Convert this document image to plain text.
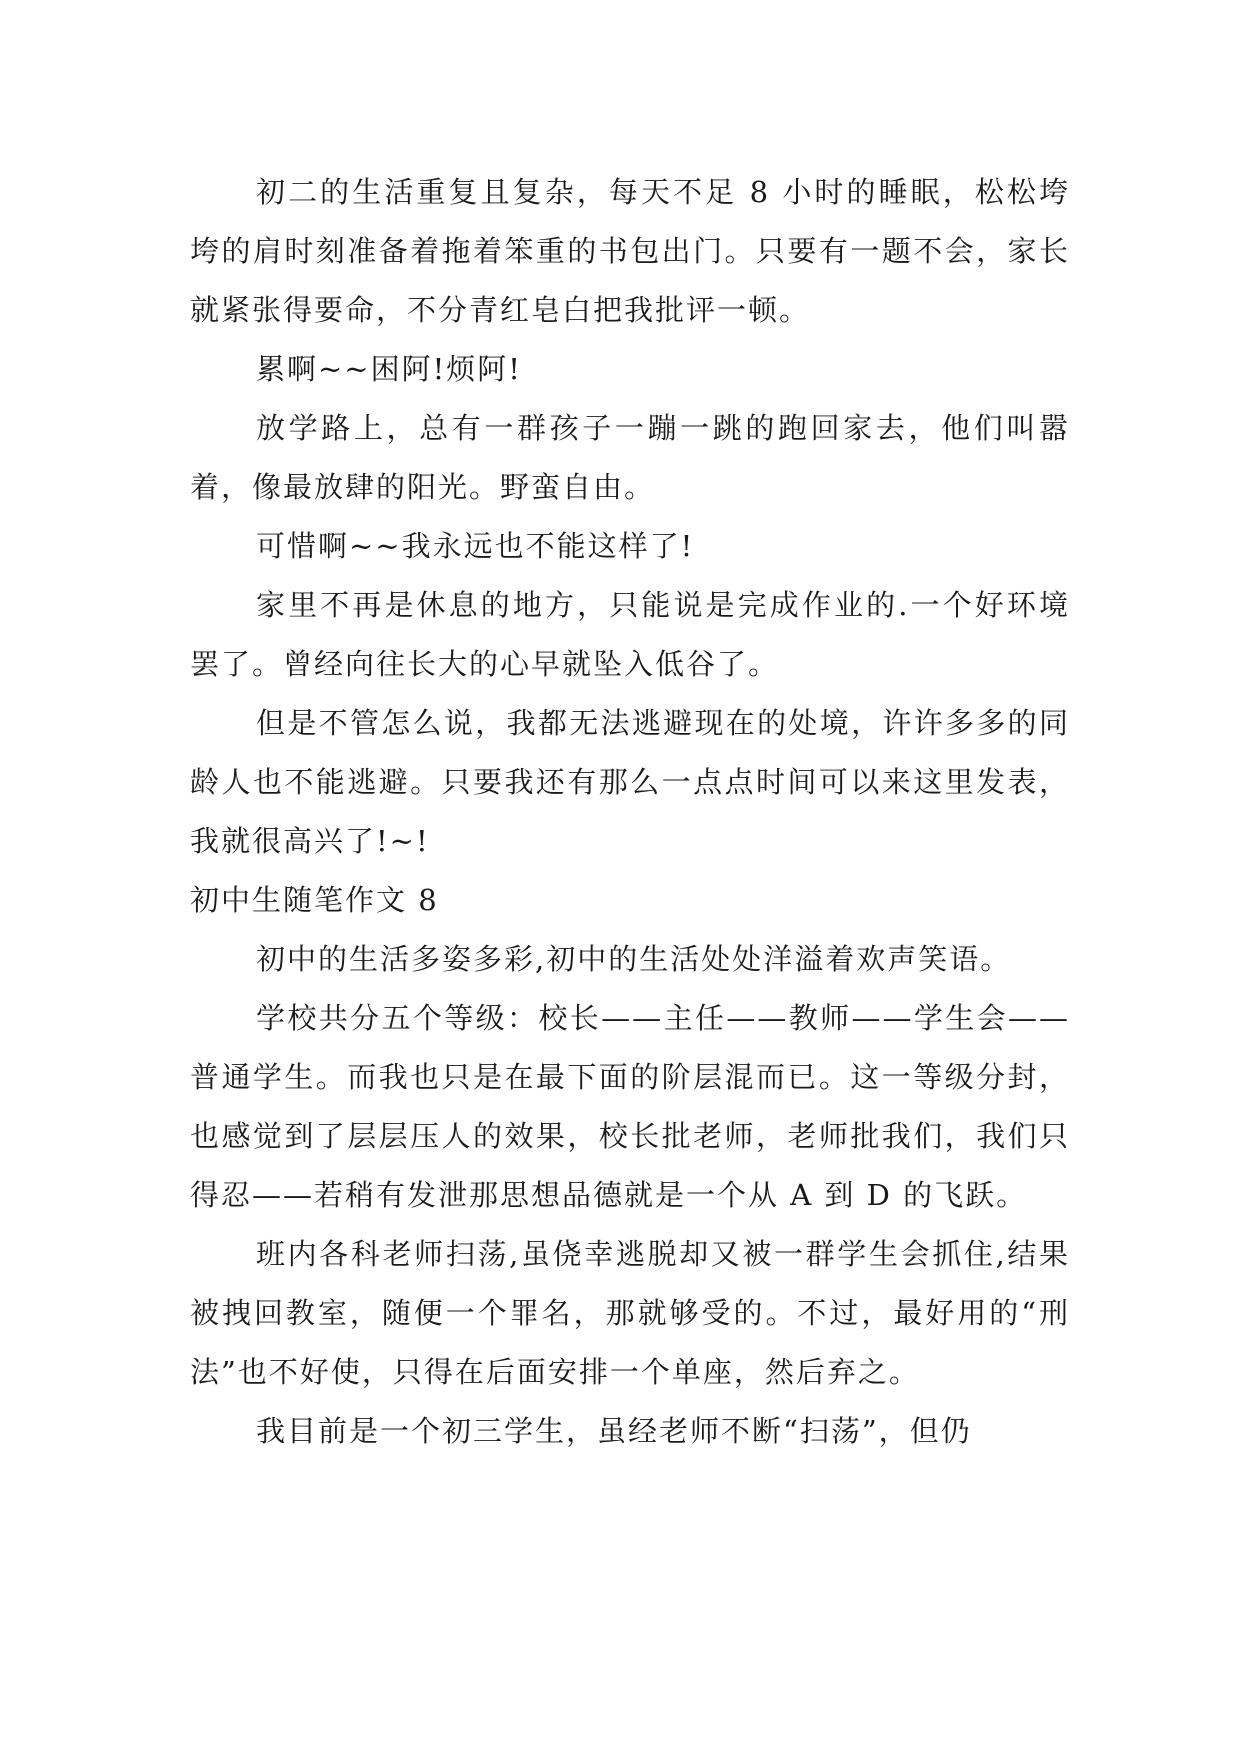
初二的生活重复且复杂，每天不足 8 小时的睡眠，松松垮垮的肩时刻准备着拖着笨重的书包出门。只要有一题不会，家长就紧张得要命，不分青红皂白把我批评一顿。

累啊~~困阿!烦阿!

放学路上，总有一群孩子一蹦一跳的跑回家去，他们叫嚣着，像最放肆的阳光。野蛮自由。

可惜啊~~我永远也不能这样了!

家里不再是休息的地方，只能说是完成作业的.一个好环境罢了。曾经向往长大的心早就坠入低谷了。

但是不管怎么说，我都无法逃避现在的处境，许许多多的同龄人也不能逃避。只要我还有那么一点点时间可以来这里发表，我就很高兴了!~!

初中生随笔作文 8

初中的生活多姿多彩,初中的生活处处洋溢着欢声笑语。

学校共分五个等级：校长——主任——教师——学生会——普通学生。而我也只是在最下面的阶层混而已。这一等级分封，也感觉到了层层压人的效果，校长批老师，老师批我们，我们只得忍——若稍有发泄那思想品德就是一个从 A 到 D 的飞跃。

班内各科老师扫荡,虽侥幸逃脱却又被一群学生会抓住,结果被拽回教室，随便一个罪名，那就够受的。不过，最好用的“刑法”也不好使，只得在后面安排一个单座，然后弃之。

我目前是一个初三学生，虽经老师不断“扫荡”，但仍
